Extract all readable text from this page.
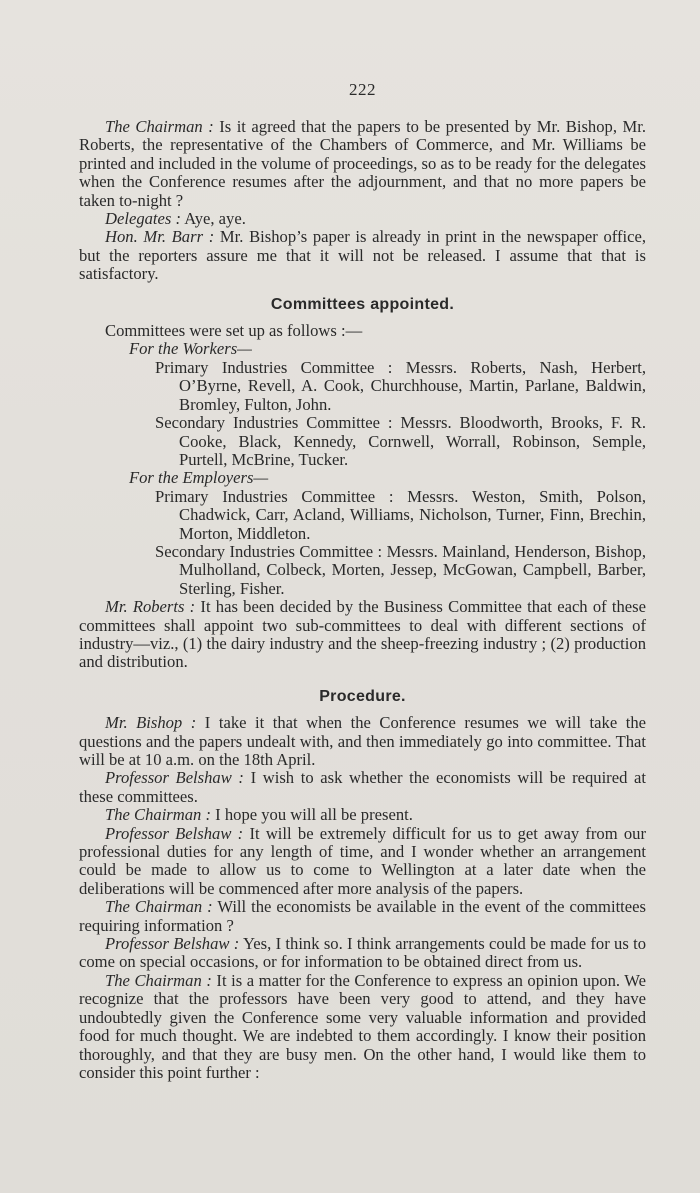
222

The Chairman : Is it agreed that the papers to be presented by Mr. Bishop, Mr. Roberts, the representative of the Chambers of Commerce, and Mr. Williams be printed and included in the volume of proceedings, so as to be ready for the delegates when the Conference resumes after the adjournment, and that no more papers be taken to-night ?

Delegates : Aye, aye.

Hon. Mr. Barr : Mr. Bishop’s paper is already in print in the newspaper office, but the reporters assure me that it will not be released. I assume that that is satisfactory.

Committees appointed.

Committees were set up as follows :—

For the Workers—

Primary Industries Committee : Messrs. Roberts, Nash, Herbert, O’Byrne, Revell, A. Cook, Churchhouse, Martin, Parlane, Baldwin, Bromley, Fulton, John.

Secondary Industries Committee : Messrs. Bloodworth, Brooks, F. R. Cooke, Black, Kennedy, Cornwell, Worrall, Robinson, Semple, Purtell, McBrine, Tucker.

For the Employers—

Primary Industries Committee : Messrs. Weston, Smith, Polson, Chadwick, Carr, Acland, Williams, Nicholson, Turner, Finn, Brechin, Morton, Middleton.

Secondary Industries Committee : Messrs. Mainland, Henderson, Bishop, Mulholland, Colbeck, Morten, Jessep, McGowan, Campbell, Barber, Sterling, Fisher.

Mr. Roberts : It has been decided by the Business Committee that each of these committees shall appoint two sub-committees to deal with different sections of industry—viz., (1) the dairy industry and the sheep-freezing industry ; (2) production and distribution.

Procedure.

Mr. Bishop : I take it that when the Conference resumes we will take the questions and the papers undealt with, and then immediately go into committee. That will be at 10 a.m. on the 18th April.

Professor Belshaw : I wish to ask whether the economists will be required at these committees.

The Chairman : I hope you will all be present.

Professor Belshaw : It will be extremely difficult for us to get away from our professional duties for any length of time, and I wonder whether an arrangement could be made to allow us to come to Wellington at a later date when the deliberations will be commenced after more analysis of the papers.

The Chairman : Will the economists be available in the event of the committees requiring information ?

Professor Belshaw : Yes, I think so. I think arrangements could be made for us to come on special occasions, or for information to be obtained direct from us.

The Chairman : It is a matter for the Conference to express an opinion upon. We recognize that the professors have been very good to attend, and they have undoubtedly given the Conference some very valuable information and provided food for much thought. We are indebted to them accordingly. I know their position thoroughly, and that they are busy men. On the other hand, I would like them to consider this point further :
